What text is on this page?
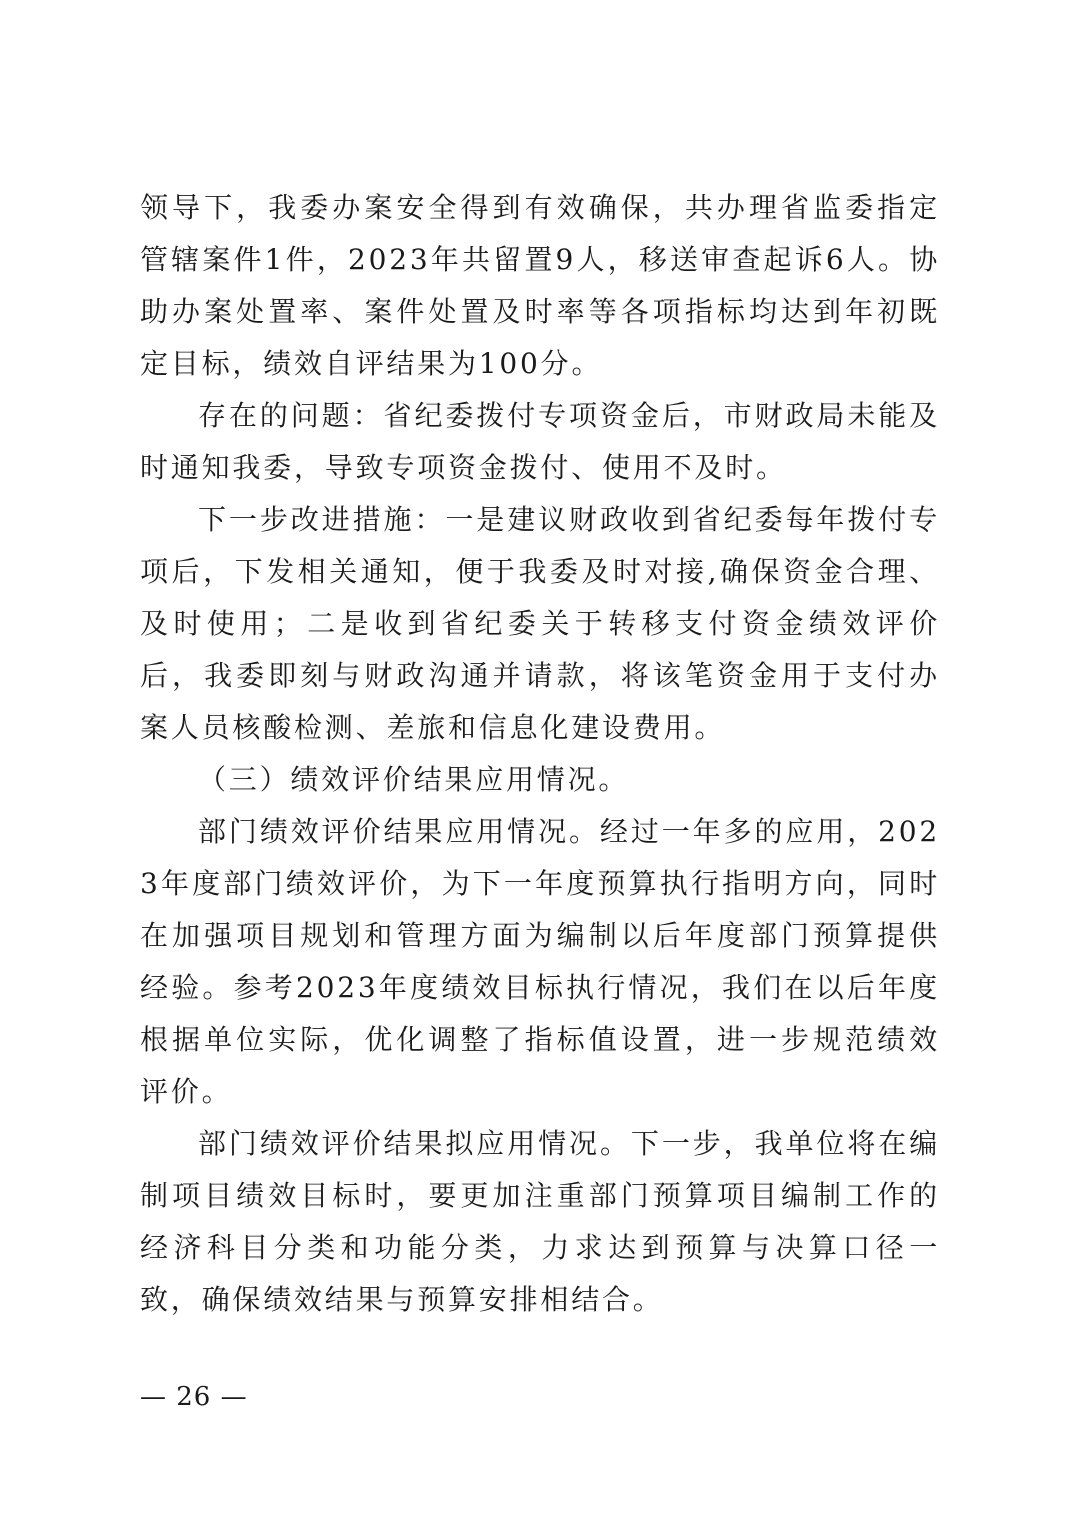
领导下，我委办案安全得到有效确保，共办理省监委指定管辖案件1件，2023年共留置9人，移送审查起诉6人。协助办案处置率、案件处置及时率等各项指标均达到年初既定目标，绩效自评结果为100分。

存在的问题：省纪委拨付专项资金后，市财政局未能及时通知我委，导致专项资金拨付、使用不及时。

下一步改进措施：一是建议财政收到省纪委每年拨付专项后，下发相关通知，便于我委及时对接,确保资金合理、及时使用；二是收到省纪委关于转移支付资金绩效评价后，我委即刻与财政沟通并请款，将该笔资金用于支付办案人员核酸检测、差旅和信息化建设费用。

（三）绩效评价结果应用情况。

部门绩效评价结果应用情况。经过一年多的应用，2023年度部门绩效评价，为下一年度预算执行指明方向，同时在加强项目规划和管理方面为编制以后年度部门预算提供经验。参考2023年度绩效目标执行情况，我们在以后年度根据单位实际，优化调整了指标值设置，进一步规范绩效评价。

部门绩效评价结果拟应用情况。下一步，我单位将在编制项目绩效目标时，要更加注重部门预算项目编制工作的经济科目分类和功能分类，力求达到预算与决算口径一致，确保绩效结果与预算安排相结合。

— 26 —
